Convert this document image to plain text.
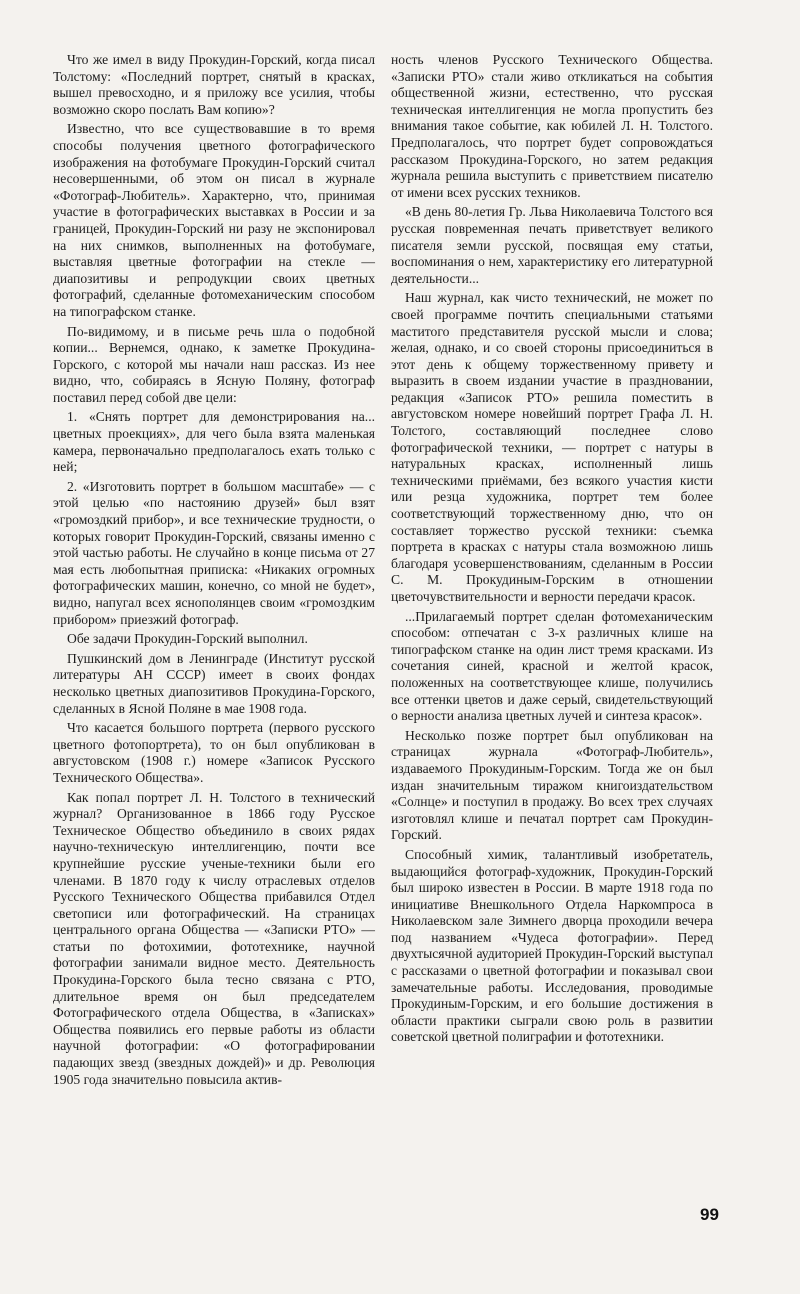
Что же имел в виду Прокудин-Горский, когда писал Толстому: «Последний портрет, снятый в красках, вышел превосходно, и я приложу все усилия, чтобы возможно скоро послать Вам копию»?

Известно, что все существовавшие в то время способы получения цветного фотографического изображения на фотобумаге Прокудин-Горский считал несовершенными, об этом он писал в журнале «Фотограф-Любитель». Характерно, что, принимая участие в фотографических выставках в России и за границей, Прокудин-Горский ни разу не экспонировал на них снимков, выполненных на фотобумаге, выставляя цветные фотографии на стекле — диапозитивы и репродукции своих цветных фотографий, сделанные фотомеханическим способом на типографском станке.

По-видимому, и в письме речь шла о подобной копии... Вернемся, однако, к заметке Прокудина-Горского, с которой мы начали наш рассказ. Из нее видно, что, собираясь в Ясную Поляну, фотограф поставил перед собой две цели:

1. «Снять портрет для демонстрирования на... цветных проекциях», для чего была взята маленькая камера, первоначально предполагалось ехать только с ней;

2. «Изготовить портрет в большом масштабе» — с этой целью «по настоянию друзей» был взят «громоздкий прибор», и все технические трудности, о которых говорит Прокудин-Горский, связаны именно с этой частью работы. Не случайно в конце письма от 27 мая есть любопытная приписка: «Никаких огромных фотографических машин, конечно, со мной не будет», видно, напугал всех яснополянцев своим «громоздким прибором» приезжий фотограф.

Обе задачи Прокудин-Горский выполнил.

Пушкинский дом в Ленинграде (Институт русской литературы АН СССР) имеет в своих фондах несколько цветных диапозитивов Прокудина-Горского, сделанных в Ясной Поляне в мае 1908 года.

Что касается большого портрета (первого русского цветного фотопортрета), то он был опубликован в августовском (1908 г.) номере «Записок Русского Технического Общества».

Как попал портрет Л. Н. Толстого в технический журнал? Организованное в 1866 году Русское Техническое Общество объединило в своих рядах научно-техническую интеллигенцию, почти все крупнейшие русские ученые-техники были его членами. В 1870 году к числу отраслевых отделов Русского Технического Общества прибавился Отдел светописи или фотографический. На страницах центрального органа Общества — «Записки РТО» — статьи по фотохимии, фототехнике, научной фотографии занимали видное место. Деятельность Прокудина-Горского была тесно связана с РТО, длительное время он был председателем Фотографического отдела Общества, в «Записках» Общества появились его первые работы из области научной фотографии: «О фотографировании падающих звезд (звездных дождей)» и др. Революция 1905 года значительно повысила актив-

ность членов Русского Технического Общества. «Записки РТО» стали живо откликаться на события общественной жизни, естественно, что русская техническая интеллигенция не могла пропустить без внимания такое событие, как юбилей Л. Н. Толстого. Предполагалось, что портрет будет сопровождаться рассказом Прокудина-Горского, но затем редакция журнала решила выступить с приветствием писателю от имени всех русских техников.

«В день 80-летия Гр. Льва Николаевича Толстого вся русская повременная печать приветствует великого писателя земли русской, посвящая ему статьи, воспоминания о нем, характеристику его литературной деятельности...

Наш журнал, как чисто технический, не может по своей программе почтить специальными статьями маститого представителя русской мысли и слова; желая, однако, и со своей стороны присоединиться в этот день к общему торжественному привету и выразить в своем издании участие в праздновании, редакция «Записок РТО» решила поместить в августовском номере новейший портрет Графа Л. Н. Толстого, составляющий последнее слово фотографической техники, — портрет с натуры в натуральных красках, исполненный лишь техническими приёмами, без всякого участия кисти или резца художника, портрет тем более соответствующий торжественному дню, что он составляет торжество русской техники: съемка портрета в красках с натуры стала возможною лишь благодаря усовершенствованиям, сделанным в России С. М. Прокудиным-Горским в отношении цветочувствительности и верности передачи красок.

...Прилагаемый портрет сделан фотомеханическим способом: отпечатан с 3-х различных клише на типографском станке на один лист тремя красками. Из сочетания синей, красной и желтой красок, положенных на соответствующее клише, получились все оттенки цветов и даже серый, свидетельствующий о верности анализа цветных лучей и синтеза красок».

Несколько позже портрет был опубликован на страницах журнала «Фотограф-Любитель», издаваемого Прокудиным-Горским. Тогда же он был издан значительным тиражом книгоиздательством «Солнце» и поступил в продажу. Во всех трех случаях изготовлял клише и печатал портрет сам Прокудин-Горский.

Способный химик, талантливый изобретатель, выдающийся фотограф-художник, Прокудин-Горский был широко известен в России. В марте 1918 года по инициативе Внешкольного Отдела Наркомпроса в Николаевском зале Зимнего дворца проходили вечера под названием «Чудеса фотографии». Перед двухтысячной аудиторией Прокудин-Горский выступал с рассказами о цветной фотографии и показывал свои замечательные работы. Исследования, проводимые Прокудиным-Горским, и его большие достижения в области практики сыграли свою роль в развитии советской цветной полиграфии и фототехники.

99
